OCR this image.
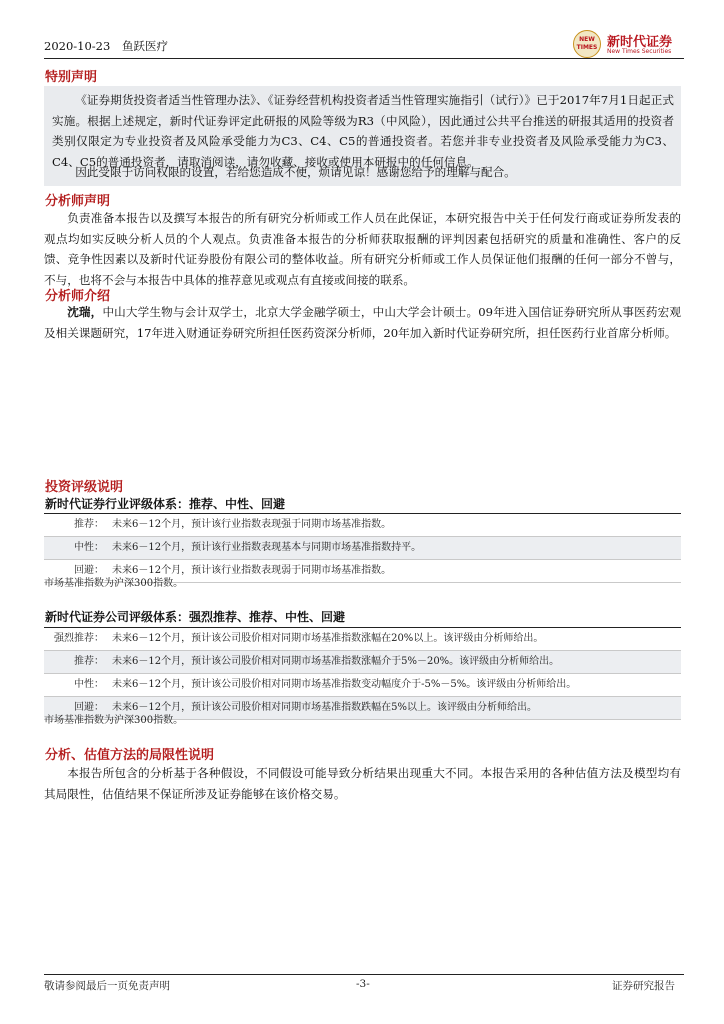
2020-10-23 鱼跃医疗	NEW
TIMES 新时代证券
New Times Securities
特别声明

《证券期货投资者适当性管理办法》、《证券经营机构投资者适当性管理实施指引（试行）》已于2017年7月1日起正式实施。根据上述规定，新时代证券评定此研报的风险等级为R3（中风险），因此通过公共平台推送的研报其适用的投资者类别仅限定为专业投资者及风险承受能力为C3、C4、C5的普通投资者。若您并非专业投资者及风险承受能力为C3、C4、C5的普通投资者，请取消阅读，请勿收藏、接收或使用本研报中的任何信息。

因此受限于访问权限的设置，若给您造成不便，烦请见谅！感谢您给予的理解与配合。

分析师声明

负责准备本报告以及撰写本报告的所有研究分析师或工作人员在此保证，本研究报告中关于任何发行商或证券所发表的观点均如实反映分析人员的个人观点。负责准备本报告的分析师获取报酬的评判因素包括研究的质量和准确性、客户的反馈、竞争性因素以及新时代证券股份有限公司的整体收益。所有研究分析师或工作人员保证他们报酬的任何一部分不曾与，不与，也将不会与本报告中具体的推荐意见或观点有直接或间接的联系。

分析师介绍

沈瑞，中山大学生物与会计双学士，北京大学金融学硕士，中山大学会计硕士。09年进入国信证券研究所从事医药宏观及相关课题研究，17年进入财通证券研究所担任医药资深分析师，20年加入新时代证券研究所，担任医药行业首席分析师。

投资评级说明
新时代证券行业评级体系：推荐、中性、回避
推荐： 未来6－12个月，预计该行业指数表现强于同期市场基准指数。
中性： 未来6－12个月，预计该行业指数表现基本与同期市场基准指数持平。
回避： 未来6－12个月，预计该行业指数表现弱于同期市场基准指数。

市场基准指数为沪深300指数。

新时代证券公司评级体系：强烈推荐、推荐、中性、回避
强烈推荐： 未来6－12个月，预计该公司股价相对同期市场基准指数涨幅在20%以上。该评级由分析师给出。
推荐： 未来6－12个月，预计该公司股价相对同期市场基准指数涨幅介于5%－20%。该评级由分析师给出。
中性： 未来6－12个月，预计该公司股价相对同期市场基准指数变动幅度介于-5%－5%。该评级由分析师给出。
回避： 未来6－12个月，预计该公司股价相对同期市场基准指数跌幅在5%以上。该评级由分析师给出。

市场基准指数为沪深300指数。

分析、估值方法的局限性说明

本报告所包含的分析基于各种假设，不同假设可能导致分析结果出现重大不同。本报告采用的各种估值方法及模型均有其局限性，估值结果不保证所涉及证券能够在该价格交易。

敬请参阅最后一页免责声明	-3-	证券研究报告
